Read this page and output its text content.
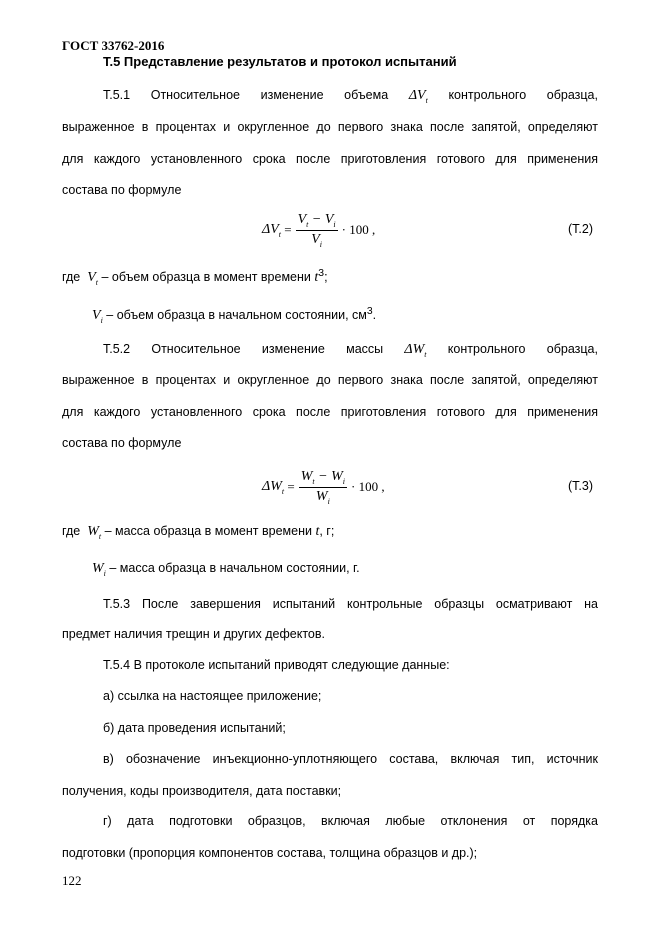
ГОСТ 33762-2016
Т.5 Представление результатов и протокол испытаний
Т.5.1 Относительное изменение объема $\Delta V_t$ контрольного образца,
выраженное в процентах и округленное до первого знака после запятой, определяют
для каждого установленного срока после приготовления готового для применения
состава по формуле
$\Delta V_t = \frac{V_t - V_i}{V_i} \cdot 100$ ,	(Т.2)
где $V_t$ – объем образца в момент времени $t^3$;
$V_i$ – объем образца в начальном состоянии, $см^3$.
Т.5.2 Относительное изменение массы $\Delta W_t$ контрольного образца,
выраженное в процентах и округленное до первого знака после запятой, определяют
для каждого установленного срока после приготовления готового для применения
состава по формуле
$\Delta W_t = \frac{W_t - W_i}{W_i} \cdot 100$ ,	(Т.3)
где $W_t$ – масса образца в момент времени t, г;
$W_i$ – масса образца в начальном состоянии, г.
Т.5.3 После завершения испытаний контрольные образцы осматривают на
предмет наличия трещин и других дефектов.
Т.5.4 В протоколе испытаний приводят следующие данные:
а) ссылка на настоящее приложение;
б) дата проведения испытаний;
в) обозначение инъекционно-уплотняющего состава, включая тип, источник
получения, коды производителя, дата поставки;
г) дата подготовки образцов, включая любые отклонения от порядка
подготовки (пропорция компонентов состава, толщина образцов и др.);
122
